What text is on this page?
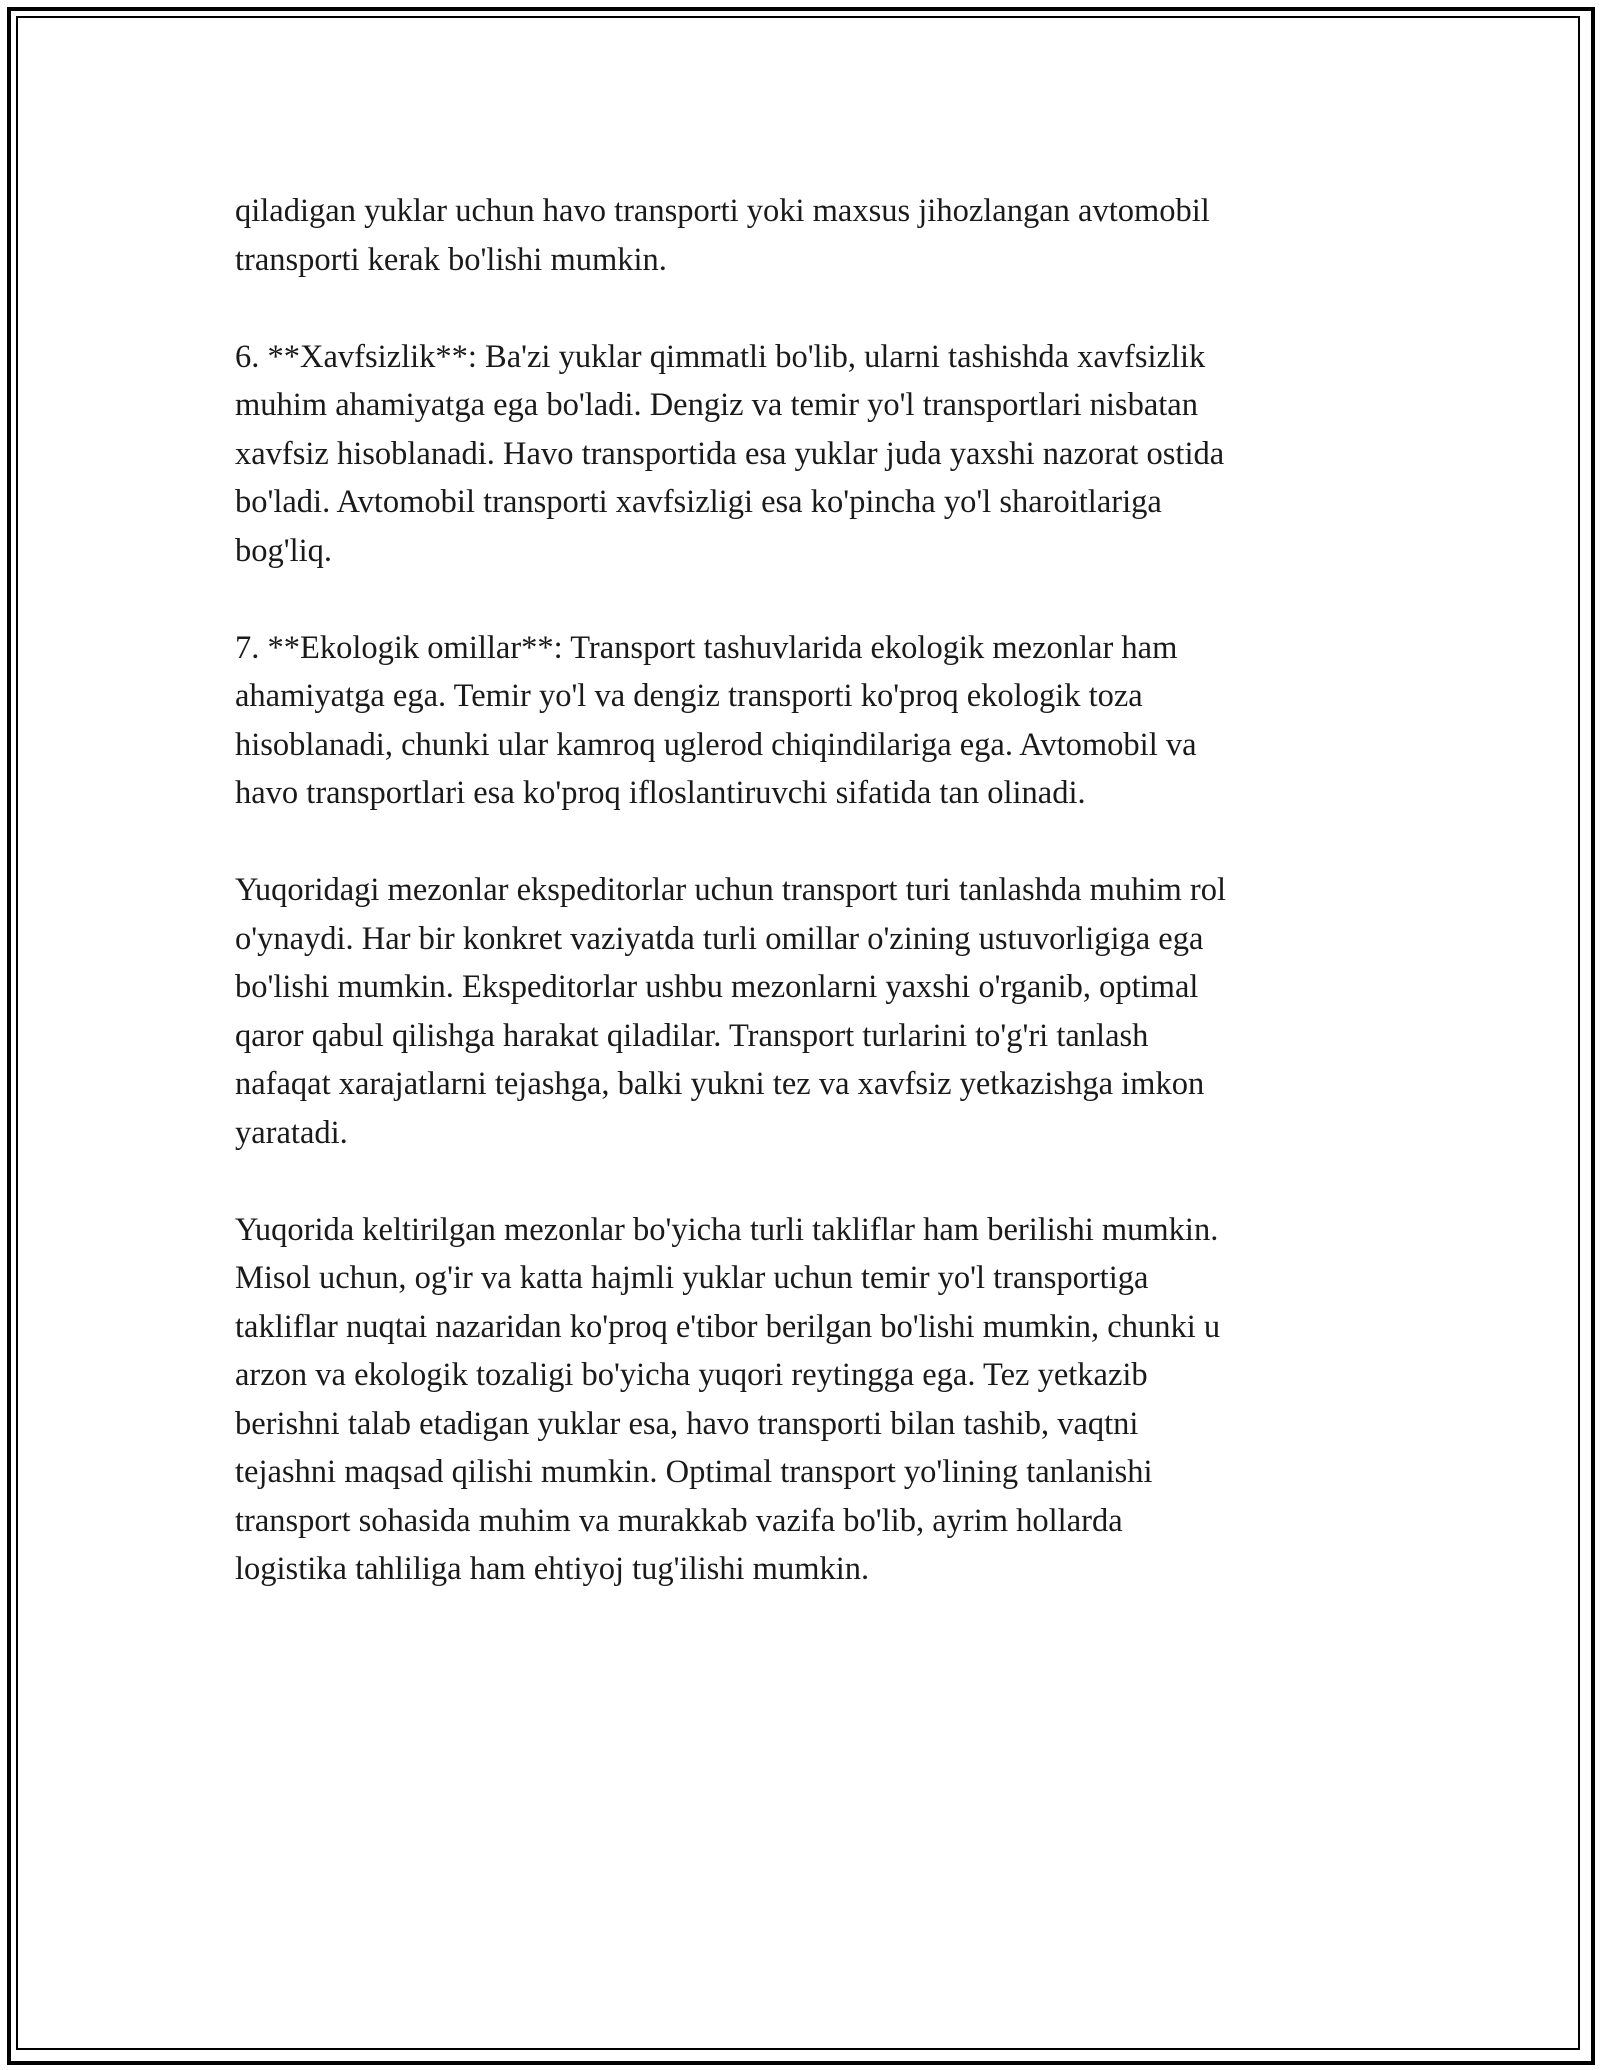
qiladigan yuklar uchun havo transporti yoki maxsus jihozlangan avtomobil
transporti kerak bo'lishi mumkin.

6. **Xavfsizlik**: Ba'zi yuklar qimmatli bo'lib, ularni tashishda xavfsizlik
muhim ahamiyatga ega bo'ladi. Dengiz va temir yo'l transportlari nisbatan
xavfsiz hisoblanadi. Havo transportida esa yuklar juda yaxshi nazorat ostida
bo'ladi. Avtomobil transporti xavfsizligi esa ko'pincha yo'l sharoitlariga
bog'liq.

7. **Ekologik omillar**: Transport tashuvlarida ekologik mezonlar ham
ahamiyatga ega. Temir yo'l va dengiz transporti ko'proq ekologik toza
hisoblanadi, chunki ular kamroq uglerod chiqindilariga ega. Avtomobil va
havo transportlari esa ko'proq ifloslantiruvchi sifatida tan olinadi.

Yuqoridagi mezonlar ekspeditorlar uchun transport turi tanlashda muhim rol
o'ynaydi. Har bir konkret vaziyatda turli omillar o'zining ustuvorligiga ega
bo'lishi mumkin. Ekspeditorlar ushbu mezonlarni yaxshi o'rganib, optimal
qaror qabul qilishga harakat qiladilar. Transport turlarini to'g'ri tanlash
nafaqat xarajatlarni tejashga, balki yukni tez va xavfsiz yetkazishga imkon
yaratadi.

Yuqorida keltirilgan mezonlar bo'yicha turli takliflar ham berilishi mumkin.
Misol uchun, og'ir va katta hajmli yuklar uchun temir yo'l transportiga
takliflar nuqtai nazaridan ko'proq e'tibor berilgan bo'lishi mumkin, chunki u
arzon va ekologik tozaligi bo'yicha yuqori reytingga ega. Tez yetkazib
berishni talab etadigan yuklar esa, havo transporti bilan tashib, vaqtni
tejashni maqsad qilishi mumkin. Optimal transport yo'lining tanlanishi
transport sohasida muhim va murakkab vazifa bo'lib, ayrim hollarda
logistika tahliliga ham ehtiyoj tug'ilishi mumkin.
